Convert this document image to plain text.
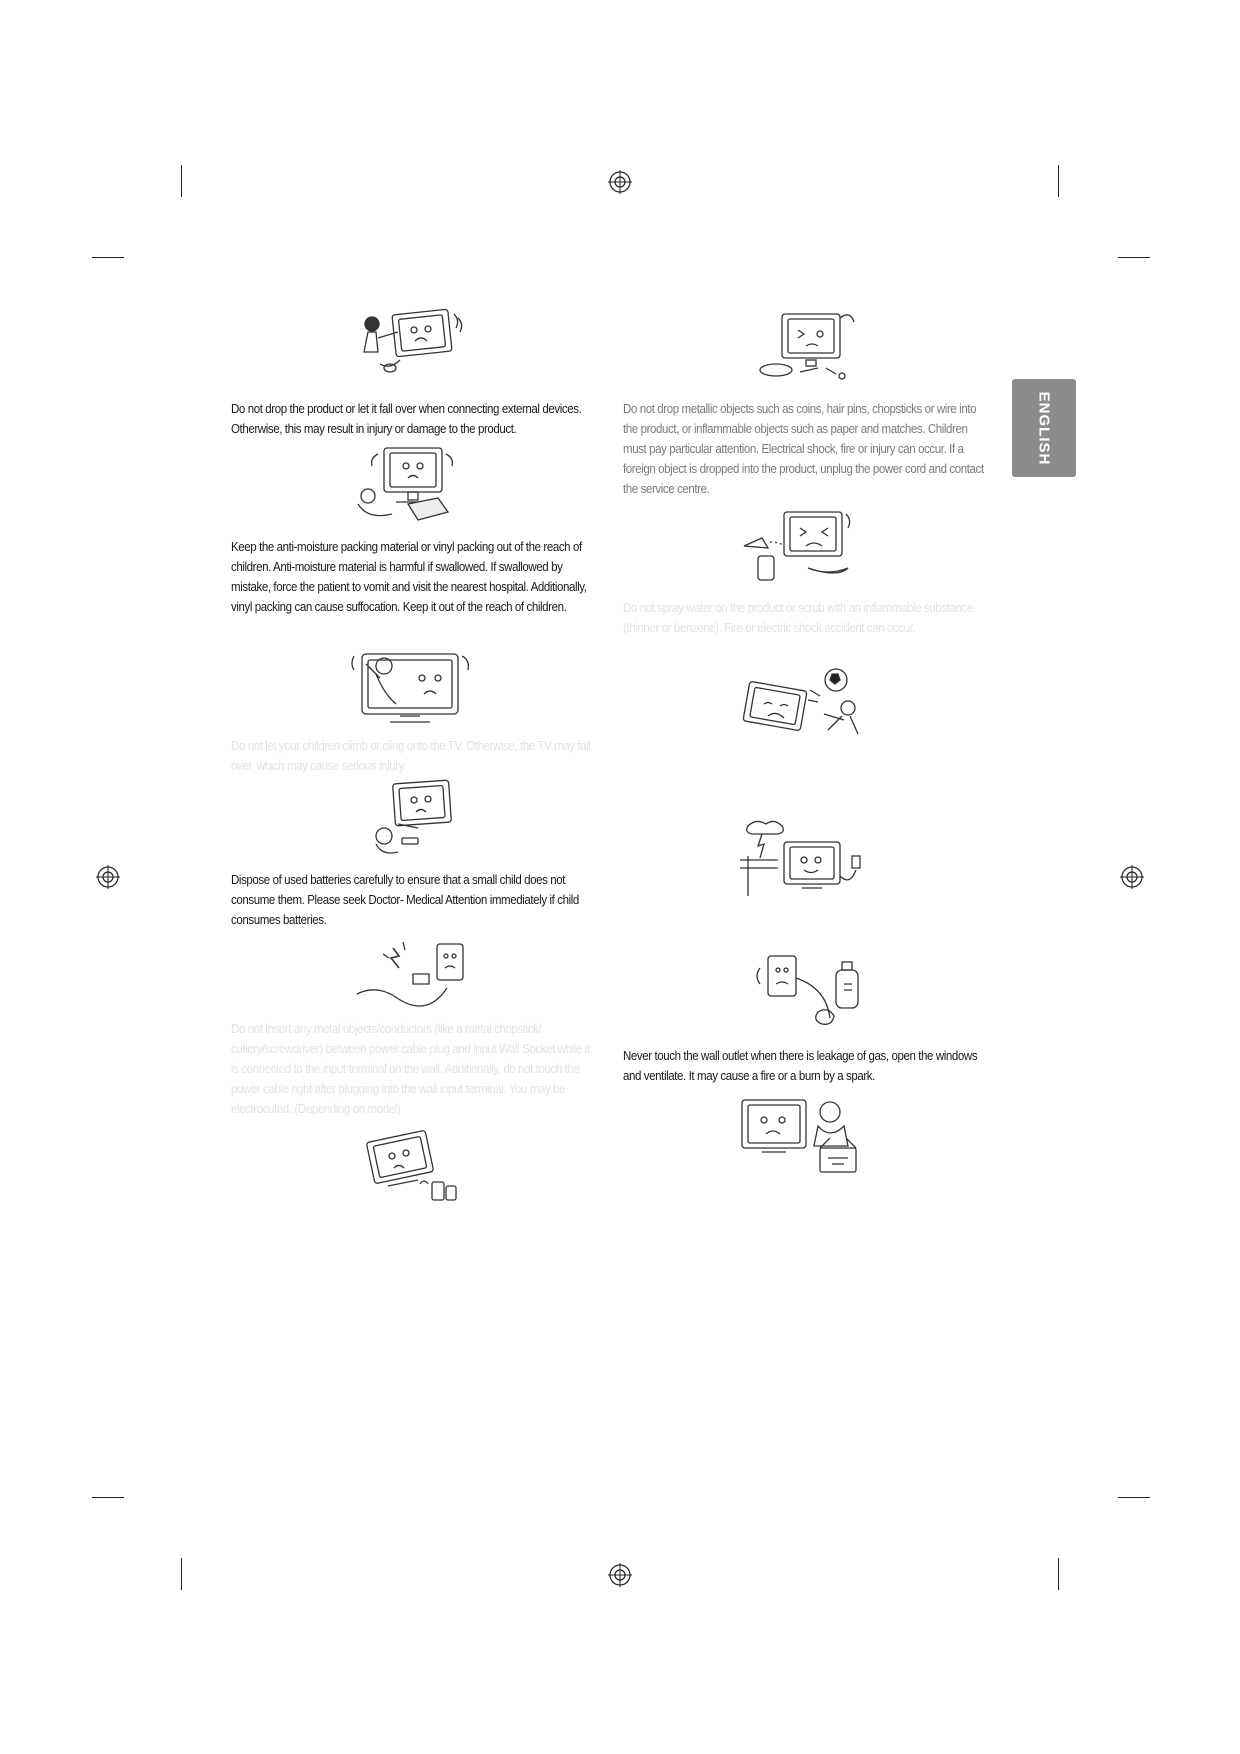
ENGLISH

Do not drop the product or let it fall over when connecting external devices. Otherwise, this may result in injury or damage to the product.

Keep the anti-moisture packing material or vinyl packing out of the reach of children. Anti-moisture material is harmful if swallowed. If swallowed by mistake, force the patient to vomit and visit the nearest hospital. Additionally, vinyl packing can cause suffocation. Keep it out of the reach of children.

Do not let your children climb or cling onto the TV. Otherwise, the TV may fall over, which may cause serious injury.

Dispose of used batteries carefully to ensure that a small child does not consume them. Please seek Doctor- Medical Attention immediately if child consumes batteries.

Do not insert any metal objects/conductors (like a metal chopstick/ cutlery/screwdriver) between power cable plug and input Wall Socket while it is connected to the input terminal on the wall. Additionally, do not touch the power cable right after plugging into the wall input terminal. You may be electrocuted. (Depending on model)

Do not drop metallic objects such as coins, hair pins, chopsticks or wire into the product, or inflammable objects such as paper and matches. Children must pay particular attention. Electrical shock, fire or injury can occur. If a foreign object is dropped into the product, unplug the power cord and contact the service centre.

Do not spray water on the product or scrub with an inflammable substance (thinner or benzene). Fire or electric shock accident can occur.

Never touch the wall outlet when there is leakage of gas, open the windows and ventilate. It may cause a fire or a burn by a spark.
